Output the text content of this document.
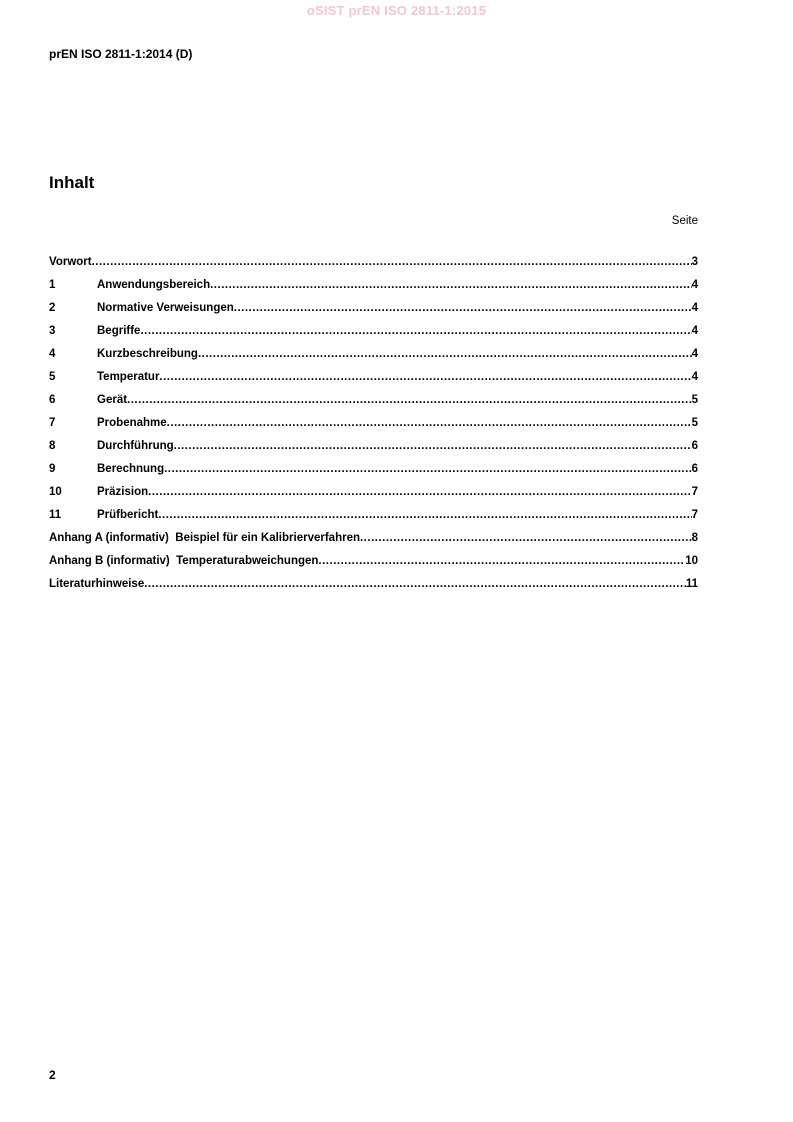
oSIST prEN ISO 2811-1:2015
prEN ISO 2811-1:2014 (D)
Inhalt
Seite
Vorwort .....	3
1	Anwendungsbereich .....	4
2	Normative Verweisungen .....	4
3	Begriffe .....	4
4	Kurzbeschreibung .....	4
5	Temperatur .....	4
6	Gerät .....	5
7	Probenahme .....	5
8	Durchführung .....	6
9	Berechnung .....	6
10	Präzision .....	7
11	Prüfbericht .....	7
Anhang A (informativ)  Beispiel für ein Kalibrierverfahren .....	8
Anhang B (informativ)  Temperaturabweichungen .....	10
Literaturhinweise .....	11
2
